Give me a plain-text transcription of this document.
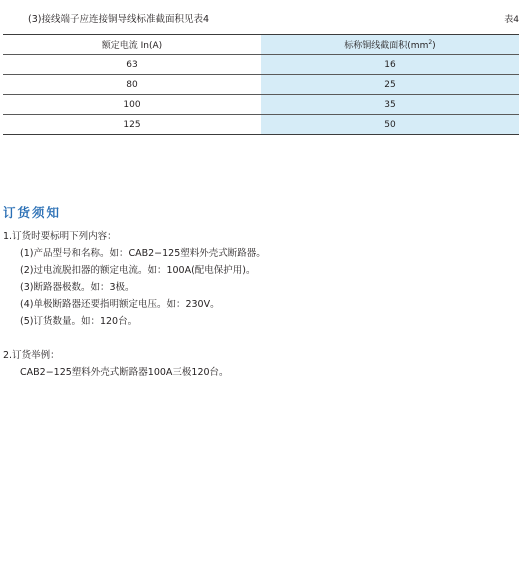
(3)接线端子应连接铜导线标准截面积见表4	表4
额定电流 In(A)	标称铜线截面积$(mm^2)$
63	16
80	25
100	35
125	50
订货须知

1.订货时要标明下列内容：

(1)产品型号和名称。如：CAB2−125塑料外壳式断路器。

(2)过电流脱扣器的额定电流。如：100A(配电保护用)。

(3)断路器极数。如：3极。

(4)单极断路器还要指明额定电压。如：230V。

(5)订货数量。如：120台。

2.订货举例：

CAB2−125塑料外壳式断路器100A三极120台。
